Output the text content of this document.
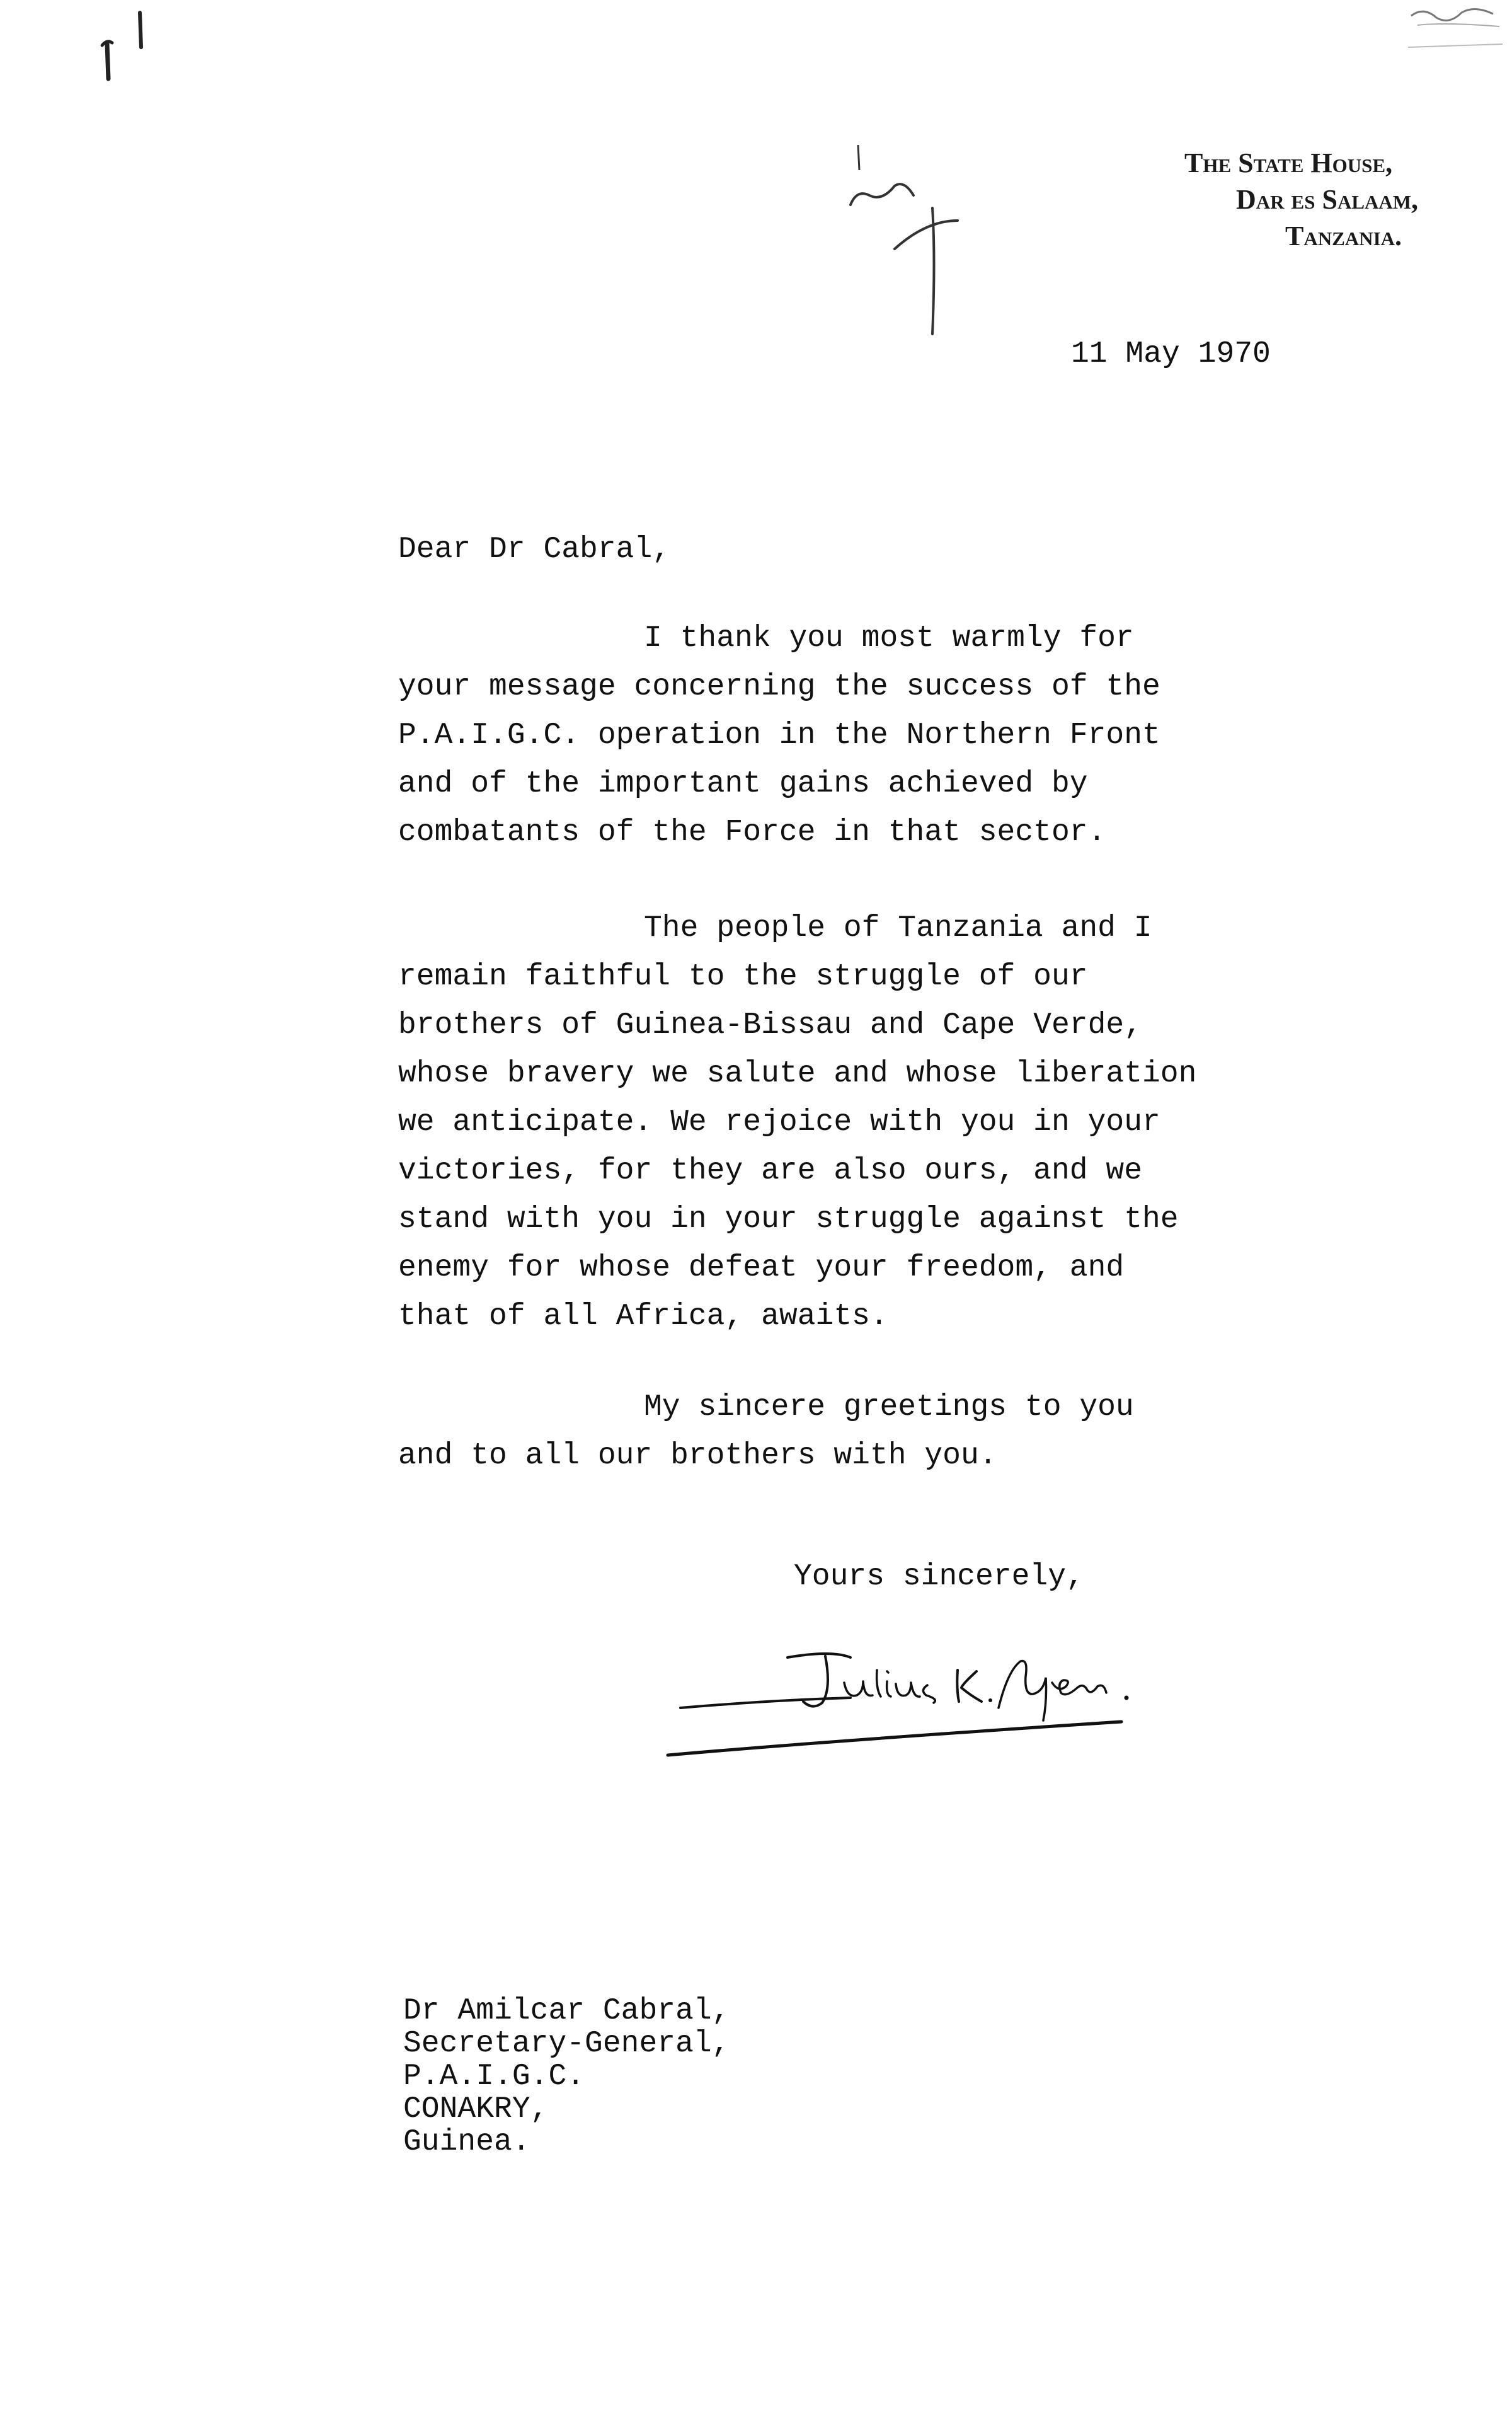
The State House,
Dar es Salaam,
Tanzania.
11 May 1970
Dear Dr Cabral,
I thank you most warmly for
your message concerning the success of the
P.A.I.G.C. operation in the Northern Front
and of the important gains achieved by
combatants of the Force in that sector.
The people of Tanzania and I
remain faithful to the struggle of our
brothers of Guinea-Bissau and Cape Verde,
whose bravery we salute and whose liberation
we anticipate. We rejoice with you in your
victories, for they are also ours, and we
stand with you in your struggle against the
enemy for whose defeat your freedom, and
that of all Africa, awaits.
My sincere greetings to you
and to all our brothers with you.
Yours sincerely,
Dr Amilcar Cabral,
Secretary-General,
P.A.I.G.C.
CONAKRY,
Guinea.
